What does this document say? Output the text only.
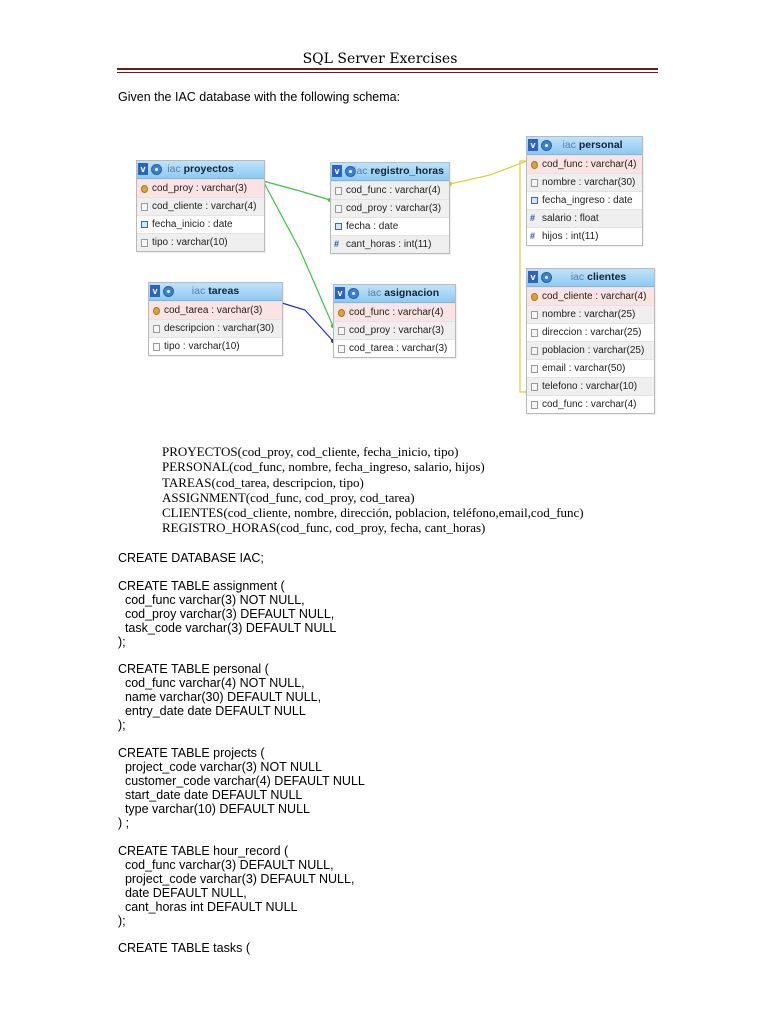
SQL Server Exercises
Given the IAC database with the following schema:
v	iac proyectos
cod_proy : varchar(3)
cod_cliente : varchar(4)
fecha_inicio : date
tipo : varchar(10)
v	iac registro_horas
cod_func : varchar(4)
cod_proy : varchar(3)
fecha : date
# cant_horas : int(11)
v	iac personal
cod_func : varchar(4)
nombre : varchar(30)
fecha_ingreso : date
# salario : float
# hijos : int(11)
v	iac tareas
cod_tarea : varchar(3)
descripcion : varchar(30)
tipo : varchar(10)
v	iac asignacion
cod_func : varchar(4)
cod_proy : varchar(3)
cod_tarea : varchar(3)
v	iac clientes
cod_cliente : varchar(4)
nombre : varchar(25)
direccion : varchar(25)
poblacion : varchar(25)
email : varchar(50)
telefono : varchar(10)
cod_func : varchar(4)
PROYECTOS(cod_proy, cod_cliente, fecha_inicio, tipo)
PERSONAL(cod_func, nombre, fecha_ingreso, salario, hijos)
TAREAS(cod_tarea, descripcion, tipo)
ASSIGNMENT(cod_func, cod_proy, cod_tarea)
CLIENTES(cod_cliente, nombre, dirección, poblacion, teléfono,email,cod_func)
REGISTRO_HORAS(cod_func, cod_proy, fecha, cant_horas)
CREATE DATABASE IAC;
CREATE TABLE assignment (
cod_func varchar(3) NOT NULL,
cod_proy varchar(3) DEFAULT NULL,
task_code varchar(3) DEFAULT NULL
);
CREATE TABLE personal (
cod_func varchar(4) NOT NULL,
name varchar(30) DEFAULT NULL,
entry_date date DEFAULT NULL
);
CREATE TABLE projects (
project_code varchar(3) NOT NULL
customer_code varchar(4) DEFAULT NULL
start_date date DEFAULT NULL
type varchar(10) DEFAULT NULL
) ;
CREATE TABLE hour_record (
cod_func varchar(3) DEFAULT NULL,
project_code varchar(3) DEFAULT NULL,
date DEFAULT NULL,
cant_horas int DEFAULT NULL
);
CREATE TABLE tasks (
